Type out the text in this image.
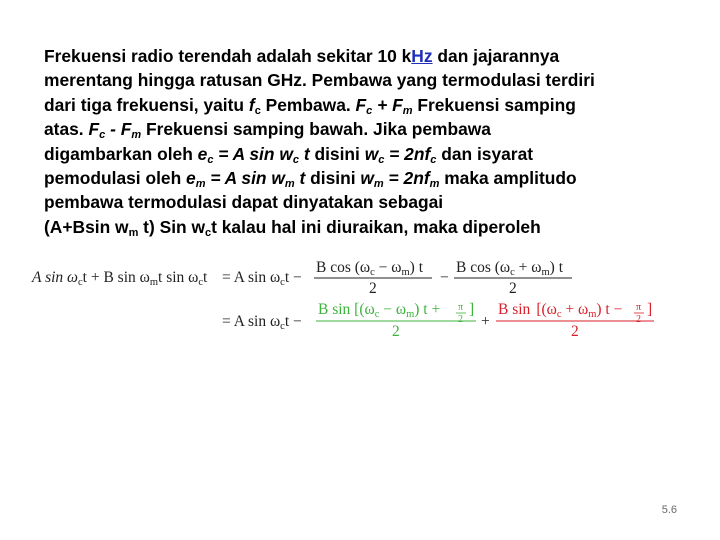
Frekuensi radio terendah adalah sekitar 10 kHz dan jajarannya
merentang hingga ratusan GHz. Pembawa yang termodulasi terdiri
dari tiga frekuensi, yaitu $f_c$ Pembawa. $F_c + F_m$ Frekuensi samping
atas. $F_c - F_m$ Frekuensi samping bawah. Jika pembawa
digambarkan oleh $e_c = A$ $\sin w_c$ t disini $w_c = 2nf_c$ dan isyarat
pemodulasi oleh $e_m = A$ $\sin w_m$ t disini $w_m = 2nf_m$ maka amplitudo
pembawa termodulasi dapat dinyatakan sebagai
(A+Bsin $w_m$ t) Sin $w_ct$ kalau hal ini diuraikan, maka diperoleh
A sin ωct + B sin ωmt sin ωct = A sin ωct −
B cos (ωc − ωm) t
2
−
B cos (ωc + ωm) t
2
= A sin ωct −
B sin [(ωc − ωm) t + π
2
]
2
+
B sin [(ωc + ωm) t − π
2
]
2
5.6
